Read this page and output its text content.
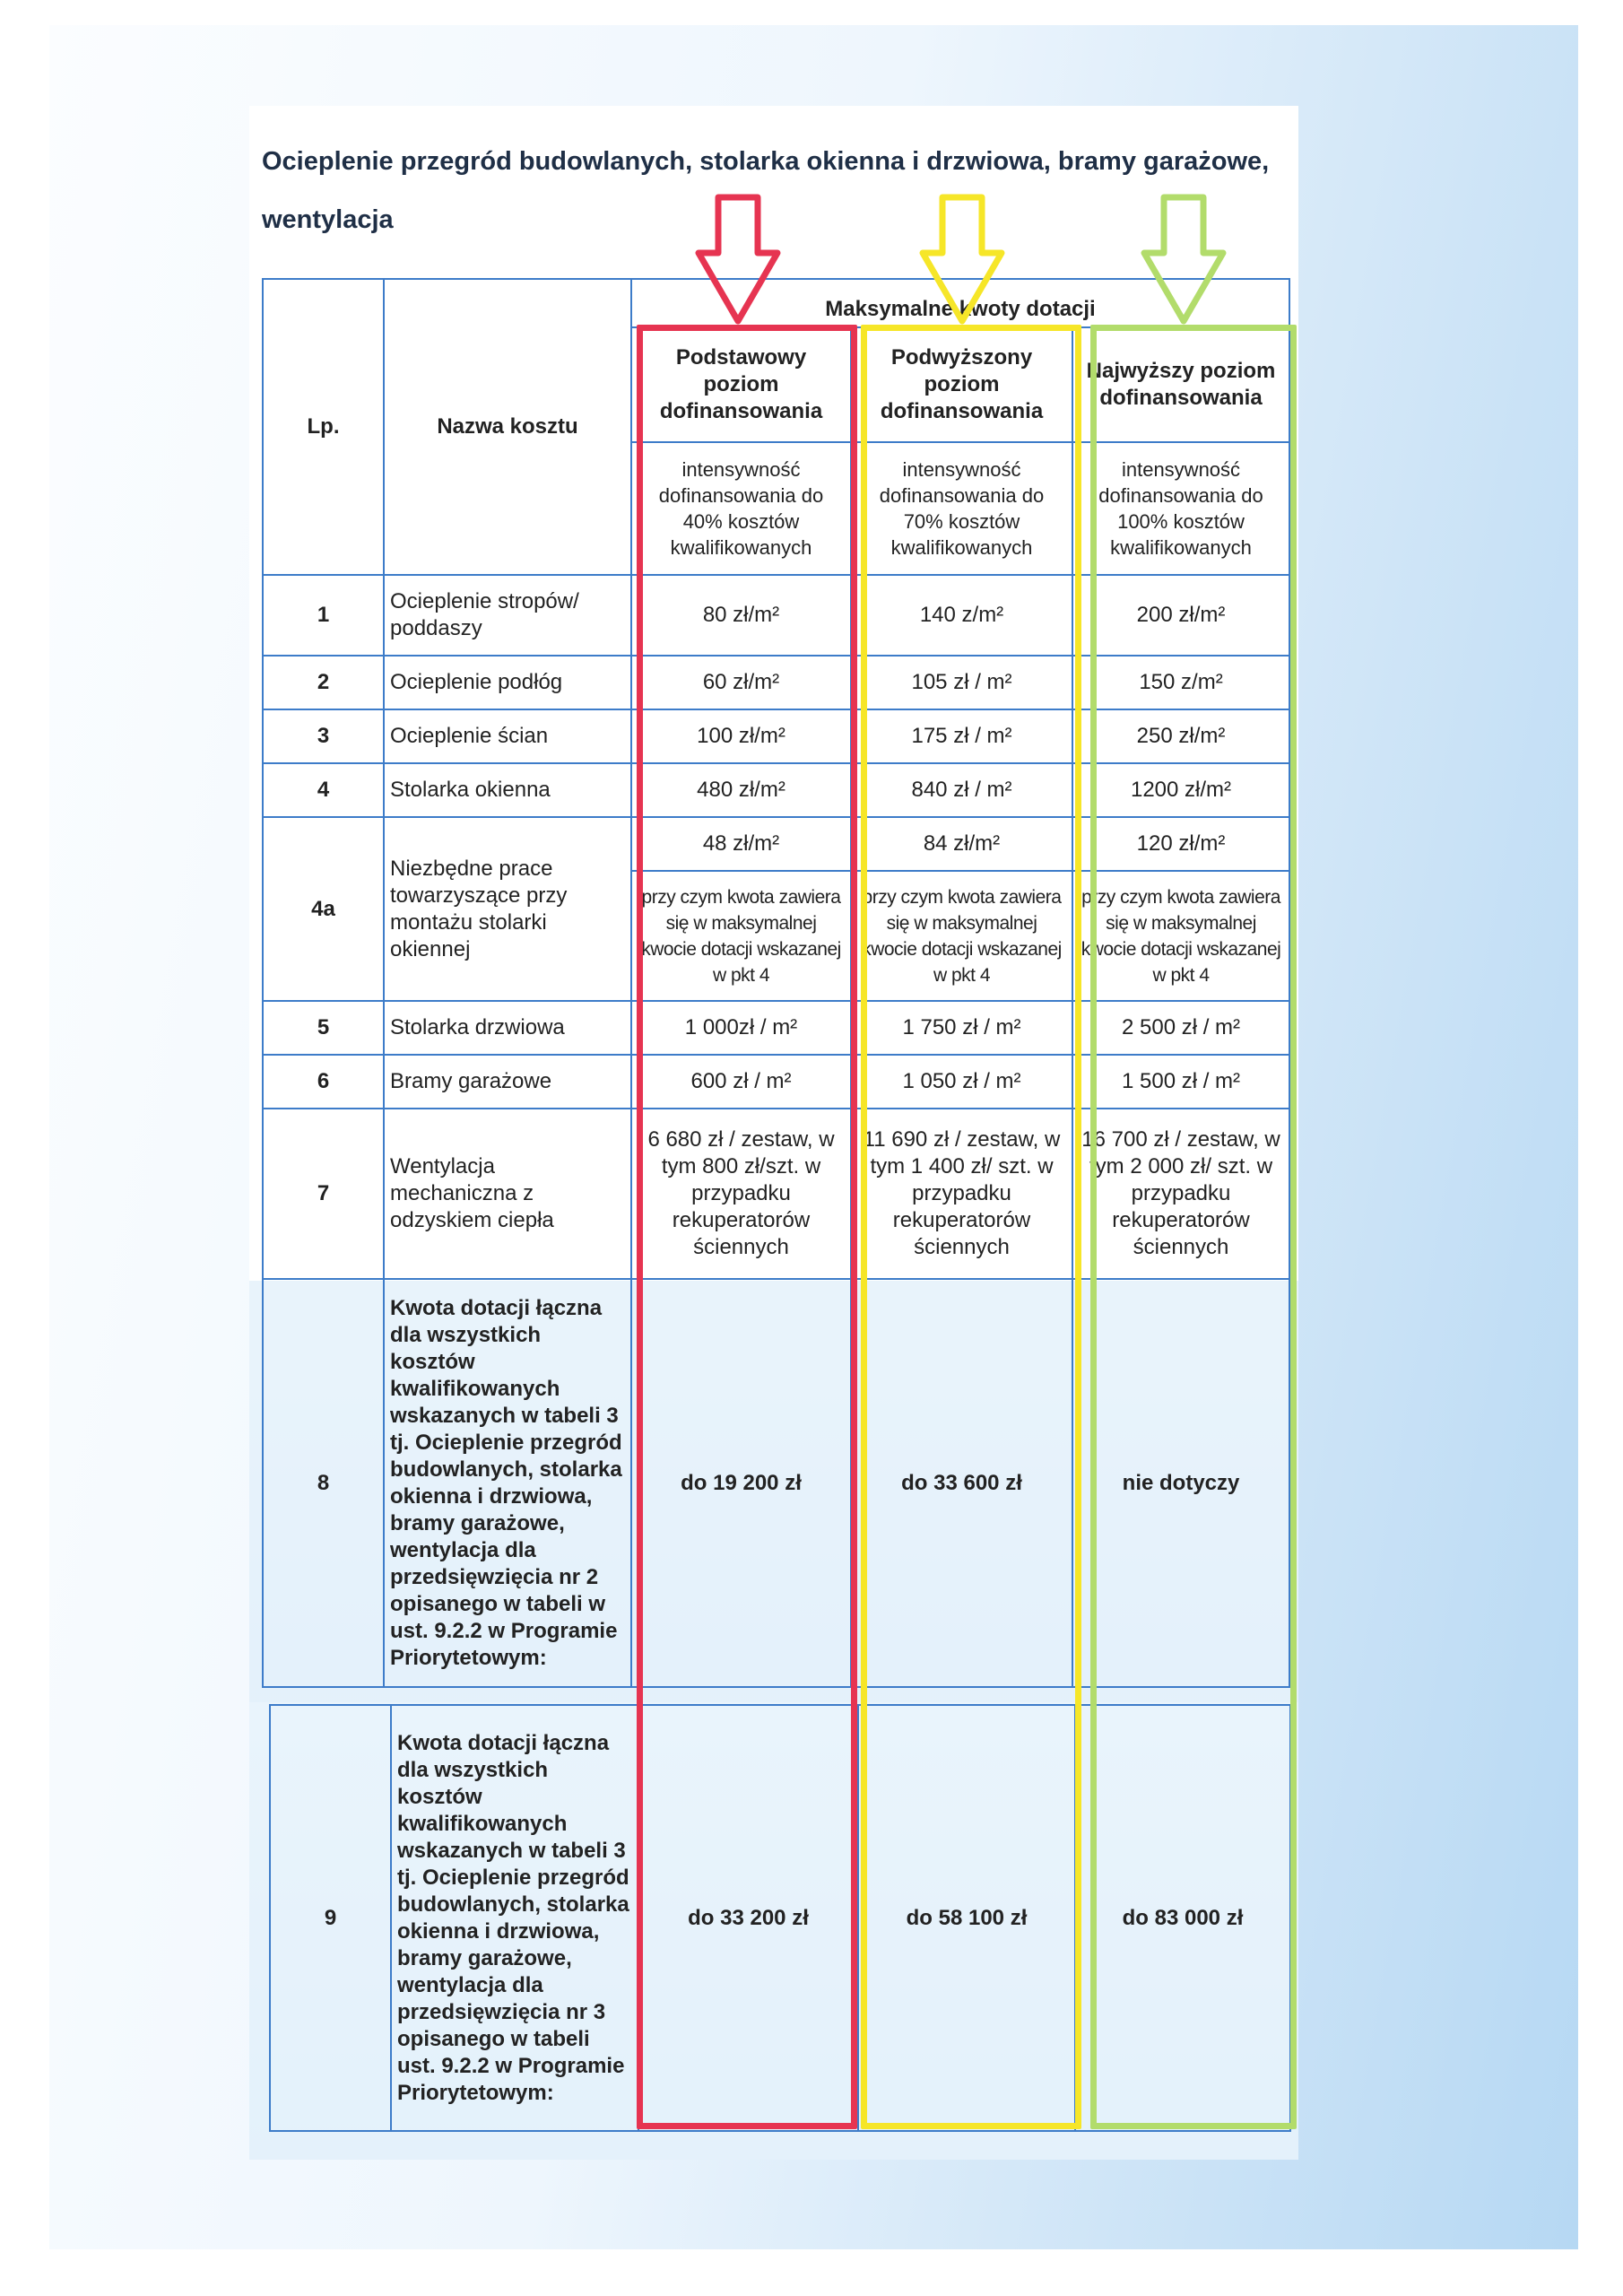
Ocieplenie przegród budowlanych, stolarka okienna i drzwiowa, bramy garażowe, wentylacja
Lp.	Nazwa kosztu	Maksymalne kwoty dotacji		
		Podstawowy poziom dofinansowania	Podwyższony poziom dofinansowania	Najwyższy poziom dofinansowania
		intensywność dofinansowania do 40% kosztów kwalifikowanych	intensywność dofinansowania do 70% kosztów kwalifikowanych	intensywność dofinansowania do 100% kosztów kwalifikowanych
1	Ocieplenie stropów/ poddaszy	80 zł/m²	140 z/m²	200 zł/m²
2	Ocieplenie podłóg	60 zł/m²	105 zł / m²	150 z/m²
3	Ocieplenie ścian	100 zł/m²	175 zł / m²	250 zł/m²
4	Stolarka okienna	480 zł/m²	840 zł / m²	1200 zł/m²
4a	Niezbędne prace towarzyszące przy montażu stolarki okiennej	48 zł/m²	84 zł/m²	120 zł/m²
		przy czym kwota zawiera się w maksymalnej kwocie dotacji wskazanej w pkt 4	przy czym kwota zawiera się w maksymalnej kwocie dotacji wskazanej w pkt 4	przy czym kwota zawiera się w maksymalnej kwocie dotacji wskazanej w pkt 4
5	Stolarka drzwiowa	1 000zł / m²	1 750 zł / m²	2 500 zł / m²
6	Bramy garażowe	600 zł / m²	1 050 zł / m²	1 500 zł / m²
7	Wentylacja mechaniczna z odzyskiem ciepła	6 680 zł / zestaw, w tym 800 zł/szt. w przypadku rekuperatorów ściennych	11 690 zł / zestaw, w tym 1 400 zł/ szt. w przypadku rekuperatorów ściennych	16 700 zł / zestaw, w tym 2 000 zł/ szt. w przypadku rekuperatorów ściennych
8	Kwota dotacji łączna dla wszystkich kosztów kwalifikowanych wskazanych w tabeli 3 tj. Ocieplenie przegród budowlanych, stolarka okienna i drzwiowa, bramy garażowe, wentylacja dla przedsięwzięcia nr 2 opisanego w tabeli w ust. 9.2.2 w Programie Priorytetowym:	do 19 200 zł	do 33 600 zł	nie dotyczy
9	Kwota dotacji łączna dla wszystkich kosztów kwalifikowanych wskazanych w tabeli 3 tj. Ocieplenie przegród budowlanych, stolarka okienna i drzwiowa, bramy garażowe, wentylacja dla przedsięwzięcia nr 3 opisanego w tabeli ust. 9.2.2 w Programie Priorytetowym:	do 33 200 zł	do 58 100 zł	do 83 000 zł
